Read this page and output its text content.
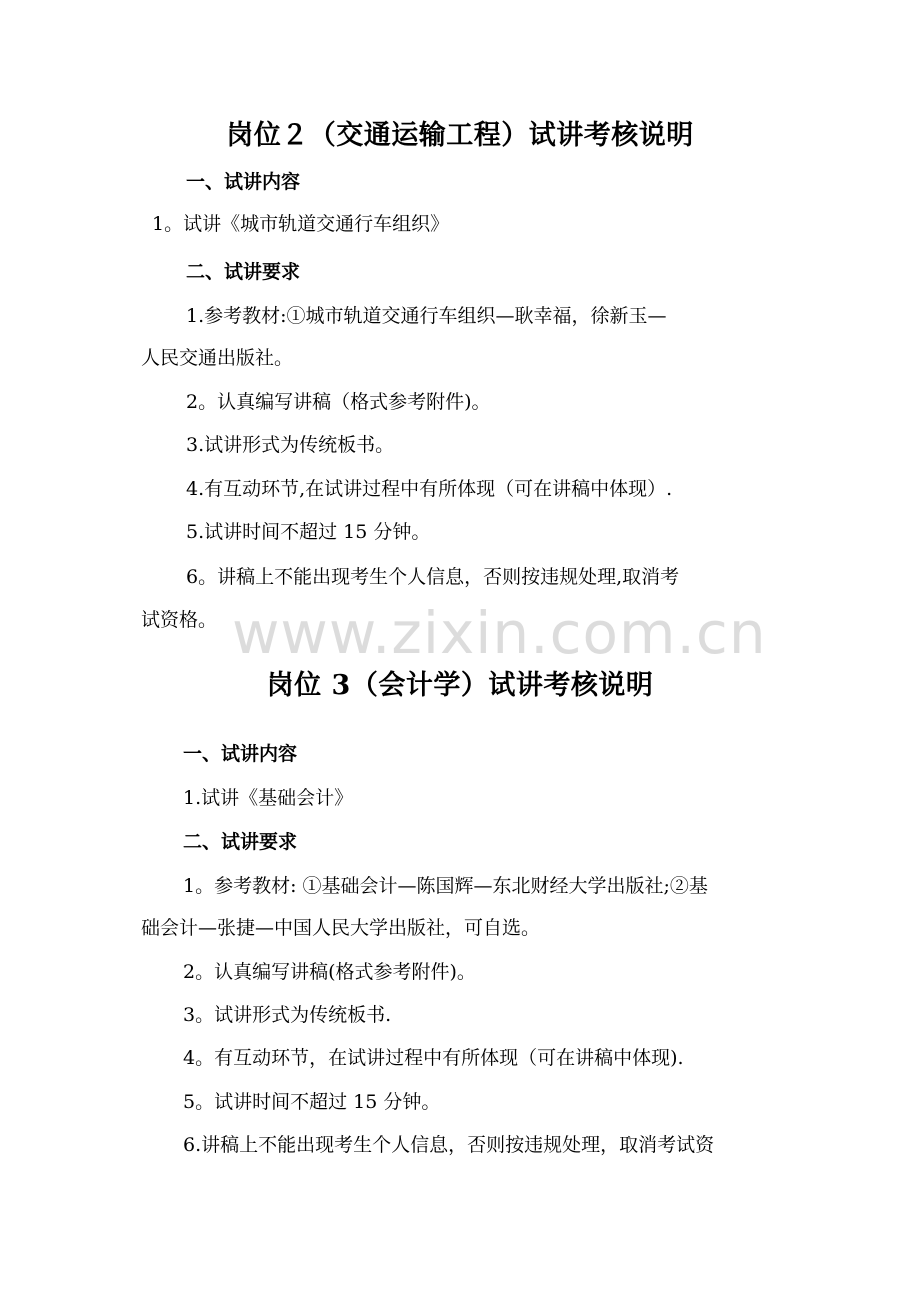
岗位２（交通运输工程）试讲考核说明
一、试讲内容
1。试讲《城市轨道交通行车组织》
二、试讲要求
1.参考教材:①城市轨道交通行车组织—耿幸福，徐新玉—
人民交通出版社。
2。认真编写讲稿（格式参考附件)。
3.试讲形式为传统板书。
4.有互动环节,在试讲过程中有所体现（可在讲稿中体现）.
5.试讲时间不超过 15 分钟。
6。讲稿上不能出现考生个人信息，否则按违规处理,取消考
试资格。 www.zixin.com.cn
岗位 3（会计学）试讲考核说明
一、试讲内容
1.试讲《基础会计》
二、试讲要求
1。参考教材: ①基础会计—陈国辉—东北财经大学出版社;②基
础会计—张捷—中国人民大学出版社，可自选。
2。认真编写讲稿(格式参考附件)。
3。试讲形式为传统板书.
4。有互动环节，在试讲过程中有所体现（可在讲稿中体现).
5。试讲时间不超过 15 分钟。
6.讲稿上不能出现考生个人信息，否则按违规处理，取消考试资
